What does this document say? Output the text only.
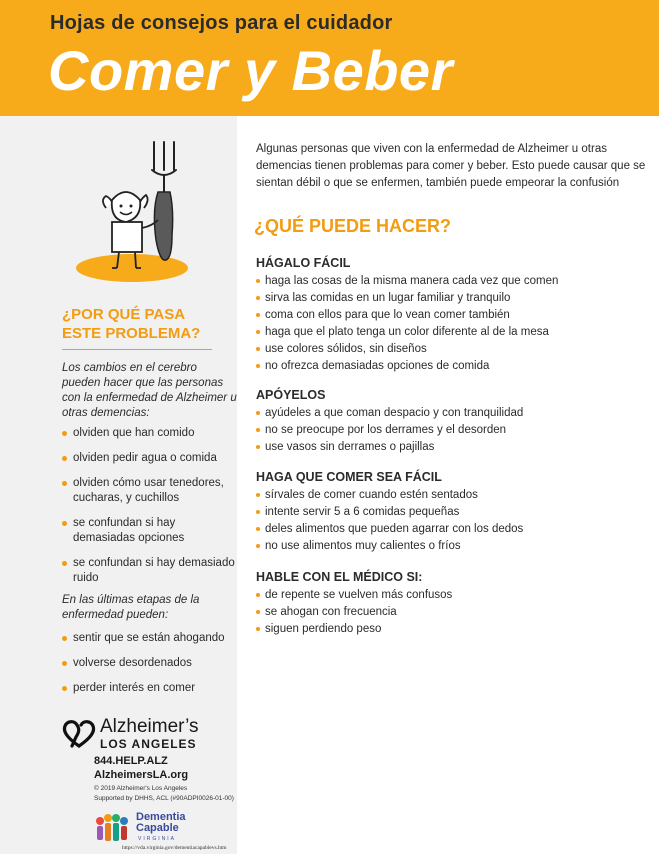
Hojas de consejos para el cuidador
Comer y Beber
¿POR QUÉ PASA
ESTE PROBLEMA?
Los cambios en el cerebro pueden hacer que las personas con la enfermedad de Alzheimer u otras demencias:
olviden que han comido
olviden pedir agua o comida
olviden cómo usar tenedores, cucharas, y cuchillos
se confundan si hay demasiadas opciones
se confundan si hay demasiado ruido
En las últimas etapas de la enfermedad pueden:
sentir que se están ahogando
volverse desordenados
perder interés en comer
Alzheimer’s
LOS ANGELES
844.HELP.ALZ
AlzheimersLA.org
© 2019 Alzheimer's Los Angeles
Supported by DHHS, ACL (#90ADPI0026-01-00)
Dementia
Capable
VIRGINIA
https://vda.virginia.gov/dementiacapablevs.htm
Algunas personas que viven con la enfermedad de Alzheimer u otras demencias tienen problemas para comer y beber. Esto puede causar que se sientan débil o que se enfermen, también puede empeorar la confusión
¿QUÉ PUEDE HACER?
HÁGALO FÁCIL
haga las cosas de la misma manera cada vez que comen
sirva las comidas en un lugar familiar y tranquilo
coma con ellos para que lo vean comer también
haga que el plato tenga un color diferente al de la mesa
use colores sólidos, sin diseños
no ofrezca demasiadas opciones de comida
APÓYELOS
ayúdeles a que coman despacio y con tranquilidad
no se preocupe por los derrames y el desorden
use vasos sin derrames o pajillas
HAGA QUE COMER SEA FÁCIL
sírvales de comer cuando estén sentados
intente servir 5 a 6 comidas pequeñas
deles alimentos que pueden agarrar con los dedos
no use alimentos muy calientes o fríos
HABLE CON EL MÉDICO SI:
de repente se vuelven más confusos
se ahogan con frecuencia
siguen perdiendo peso
